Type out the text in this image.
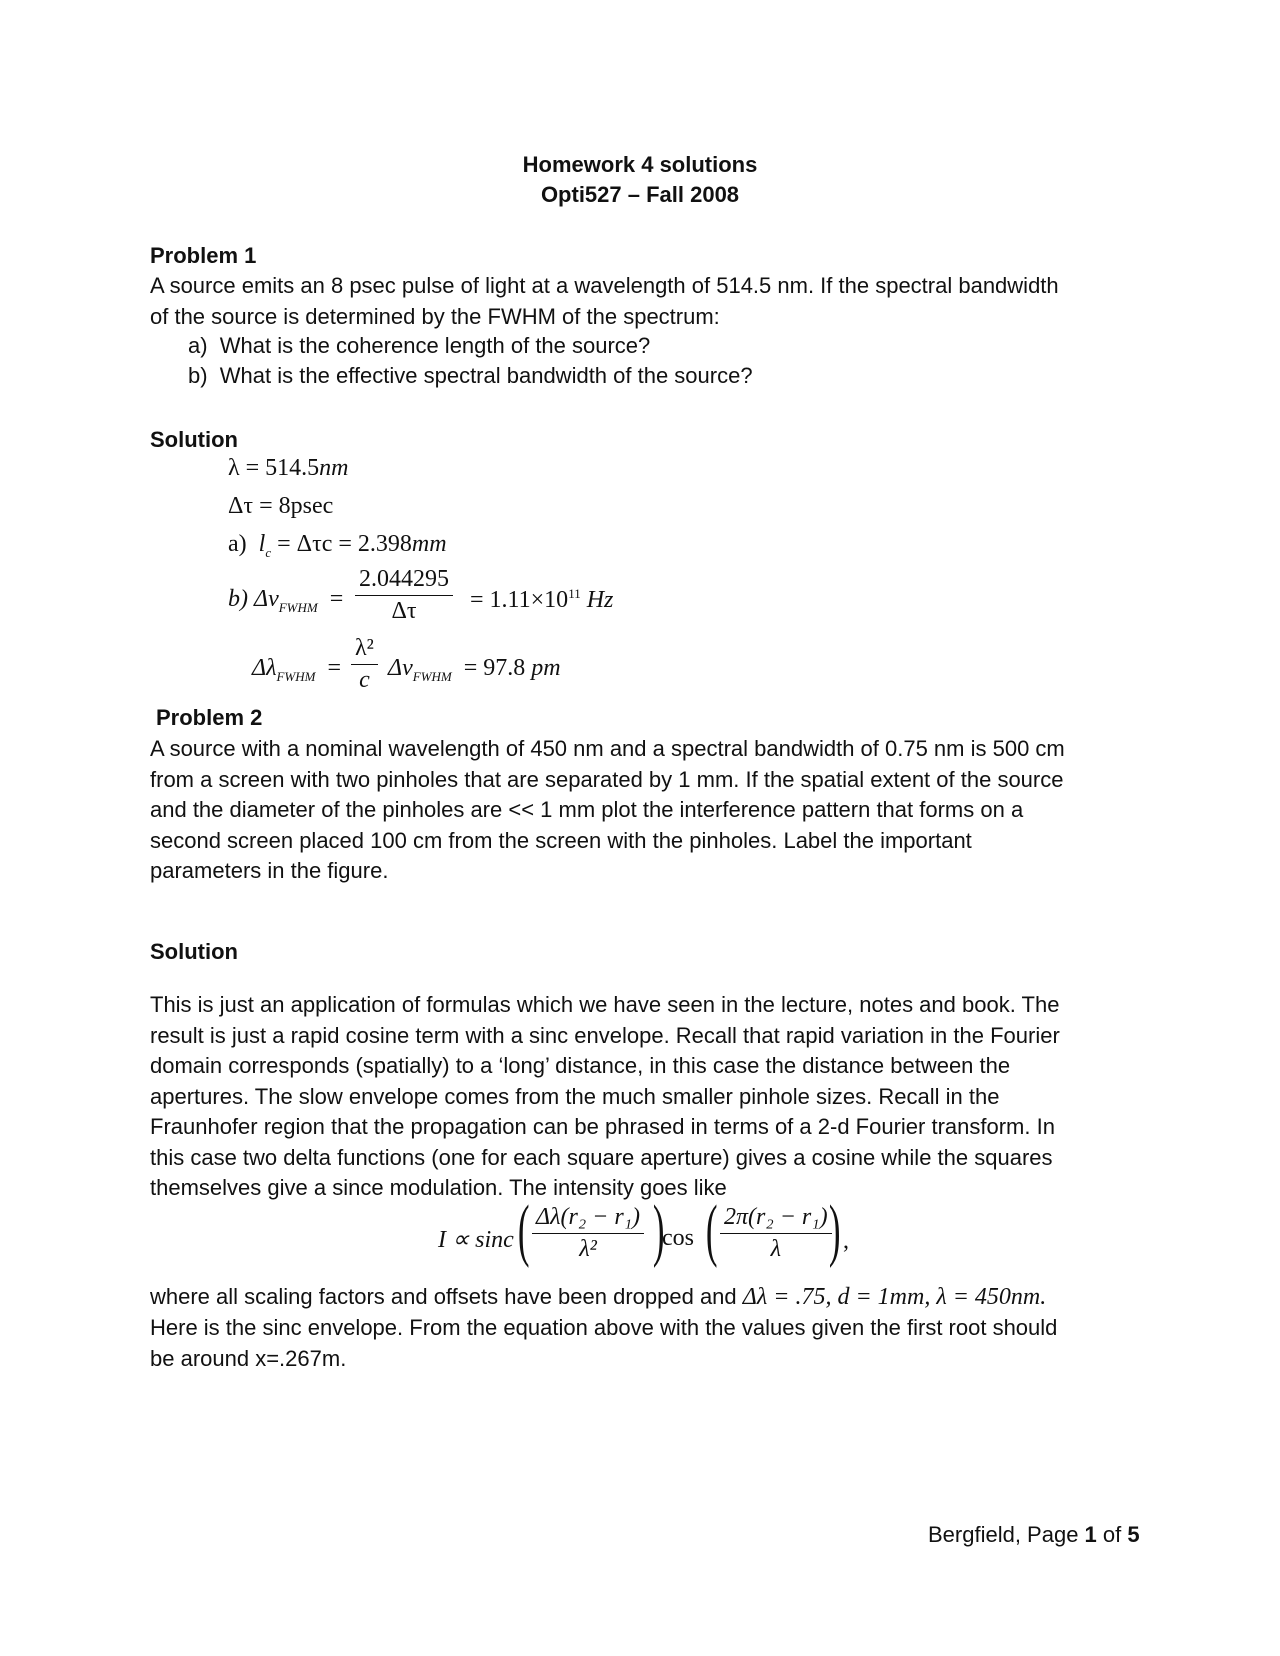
Homework 4 solutions
Opti527 – Fall 2008
Problem 1
A source emits an 8 psec pulse of light at a wavelength of 514.5 nm. If the spectral bandwidth
of the source is determined by the FWHM of the spectrum:
a) What is the coherence length of the source?
b) What is the effective spectral bandwidth of the source?
Solution
λ = 514.5nm
Δτ = 8psec
a) $l_c = \Delta\tau c = 2.398mm$
b) $\Delta\nu_{FWHM} = \frac{2.044295}{\Delta\tau} = 1.11\times 10^{11}$ Hz
$\Delta\lambda_{FWHM} = \frac{\text{λ²}}{c} \Delta\nu_{FWHM} = 97.8$ pm
Problem 2
A source with a nominal wavelength of 450 nm and a spectral bandwidth of 0.75 nm is 500 cm
from a screen with two pinholes that are separated by 1 mm. If the spatial extent of the source
and the diameter of the pinholes are << 1 mm plot the interference pattern that forms on a
second screen placed 100 cm from the screen with the pinholes. Label the important
parameters in the figure.
Solution
This is just an application of formulas which we have seen in the lecture, notes and book. The
result is just a rapid cosine term with a sinc envelope. Recall that rapid variation in the Fourier
domain corresponds (spatially) to a ‘long’ distance, in this case the distance between the
apertures. The slow envelope comes from the much smaller pinhole sizes. Recall in the
Fraunhofer region that the propagation can be phrased in terms of a 2-d Fourier transform. In
this case two delta functions (one for each square aperture) gives a cosine while the squares
themselves give a since modulation. The intensity goes like
I ∝ sinc ( $\frac{\text{Δλ(r₂ − r₁)}}{\text{λ²}}$ )
cos ( $\frac{\text{2π(r₂ − r₁)}}{\lambda}$
) ,
where all scaling factors and offsets have been dropped and Δλ = .75, d = 1mm, λ = 450nm.
Here is the sinc envelope. From the equation above with the values given the first root should
be around x=.267m.
Bergfield, Page 1 of 5
